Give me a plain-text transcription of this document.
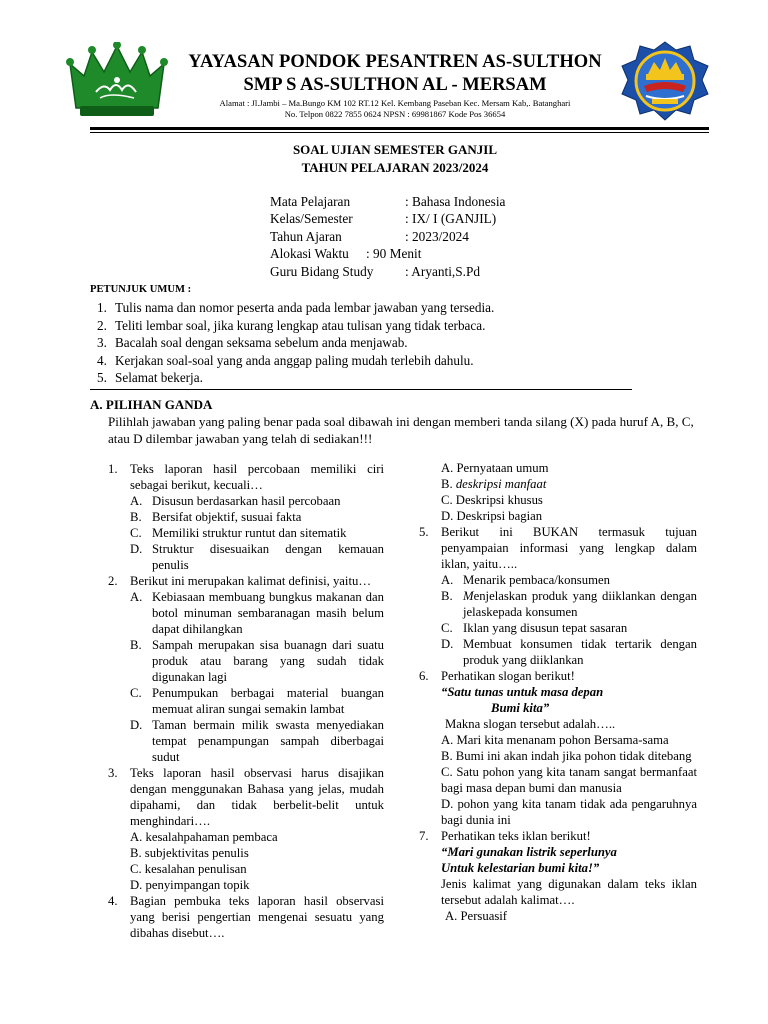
YAYASAN PONDOK PESANTREN AS-SULTHON
SMP S AS-SULTHON AL - MERSAM
Alamat : Jl.Jambi – Ma.Bungo KM 102 RT.12 Kel. Kembang Paseban Kec. Mersam Kab,. Batanghari
No. Telpon 0822 7855 0624 NPSN : 69981867 Kode Pos 36654
SOAL UJIAN SEMESTER GANJIL
TAHUN PELAJARAN 2023/2024
Mata Pelajaran	: Bahasa Indonesia
Kelas/Semester	: IX/ I (GANJIL)
Tahun Ajaran	: 2023/2024
Alokasi Waktu : 90 Menit
Guru Bidang Study : Aryanti,S.Pd
PETUNJUK UMUM :
1. Tulis nama dan nomor peserta anda pada lembar jawaban yang tersedia.
2. Teliti lembar soal, jika kurang lengkap atau tulisan yang tidak terbaca.
3. Bacalah soal dengan seksama sebelum anda menjawab.
4. Kerjakan soal-soal yang anda anggap paling mudah terlebih dahulu.
5. Selamat bekerja.
A. PILIHAN GANDA
Pilihlah jawaban yang paling benar pada soal dibawah ini dengan memberi tanda silang (X) pada huruf A, B, C, atau D dilembar jawaban yang telah di sediakan!!!
1. Teks laporan hasil percobaan memiliki ciri sebagai berikut, kecuali…
A. Disusun berdasarkan hasil percobaan
B. Bersifat objektif, susuai fakta
C. Memiliki struktur runtut dan sitematik
D. Struktur disesuaikan dengan kemauan penulis
2. Berikut ini merupakan kalimat definisi, yaitu…
A. Kebiasaan membuang bungkus makanan dan botol minuman sembaranagan masih belum dapat dihilangkan
B. Sampah merupakan sisa buanagn dari suatu produk atau barang yang sudah tidak digunakan lagi
C. Penumpukan berbagai material buangan memuat aliran sungai semakin lambat
D. Taman bermain milik swasta menyediakan tempat penampungan sampah diberbagai sudut
3. Teks laporan hasil observasi harus disajikan dengan menggunakan Bahasa yang jelas, mudah dipahami, dan tidak berbelit-belit untuk menghindari….
A. kesalahpahaman pembaca
B. subjektivitas penulis
C. kesalahan penulisan
D. penyimpangan topik
4. Bagian pembuka teks laporan hasil observasi yang berisi pengertian mengenai sesuatu yang dibahas disebut….
A. Pernyataan umum
B. deskripsi manfaat
C. Deskripsi khusus
D. Deskripsi bagian
5. Berikut ini BUKAN termasuk tujuan penyampaian informasi yang lengkap dalam iklan, yaitu…..
A. Menarik pembaca/konsumen
B. Menjelaskan produk yang diiklankan dengan jelaskepada konsumen
C. Iklan yang disusun tepat sasaran
D. Membuat konsumen tidak tertarik dengan produk yang diiklankan
6. Perhatikan slogan berikut!
“Satu tunas untuk masa depan
Bumi kita”
Makna slogan tersebut adalah…..
A. Mari kita menanam pohon Bersama-sama
B. Bumi ini akan indah jika pohon tidak ditebang
C. Satu pohon yang kita tanam sangat bermanfaat bagi masa depan bumi dan manusia
D. pohon yang kita tanam tidak ada pengaruhnya bagi dunia ini
7. Perhatikan teks iklan berikut!
“Mari gunakan listrik seperlunya
Untuk kelestarian bumi kita!”
Jenis kalimat yang digunakan dalam teks iklan tersebut adalah kalimat….
A. Persuasif
